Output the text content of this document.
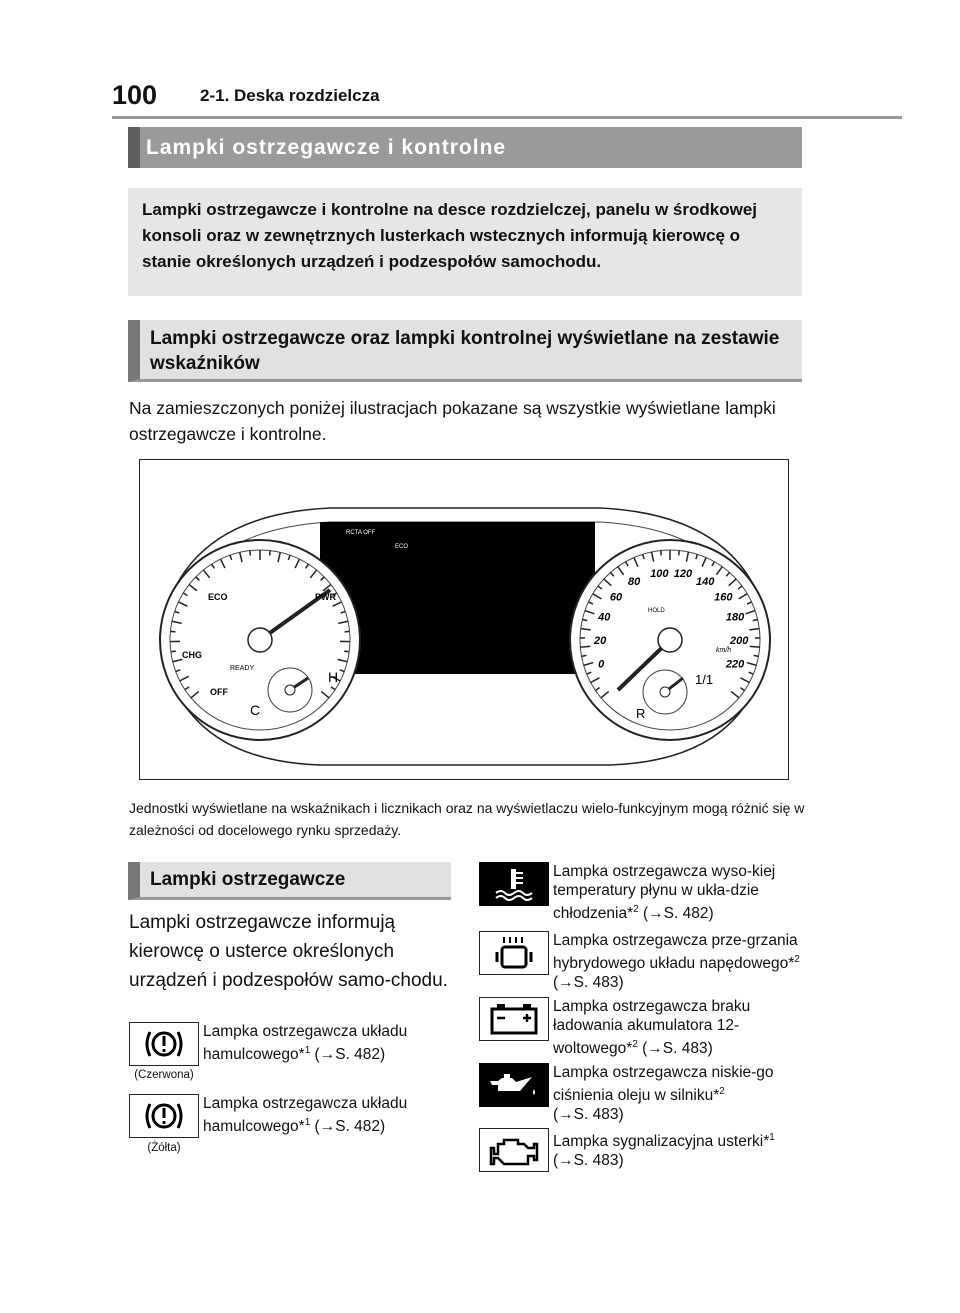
100	2-1. Deska rozdzielcza
Lampki ostrzegawcze i kontrolne
Lampki ostrzegawcze i kontrolne na desce rozdzielczej, panelu w środkowej konsoli oraz w zewnętrznych lusterkach wstecznych informują kierowcę o stanie określonych urządzeń i podzespołów samochodu.
Lampki ostrzegawcze oraz lampki kontrolnej wyświetlane na zestawie wskaźników
Na zamieszczonych poniżej ilustracjach pokazane są wszystkie wyświetlane lampki ostrzegawcze i kontrolne.
RCTA OFF
ECO
ECO	PWR
CHG
READY
OFF
C
H
0
20
40
60
80
100 120
140
160
180
200
220
km/h
HOLD
R
1/1
Jednostki wyświetlane na wskaźnikach i licznikach oraz na wyświetlaczu wielo-funkcyjnym mogą różnić się w zależności od docelowego rynku sprzedaży.
Lampki ostrzegawcze
Lampki ostrzegawcze informują kierowcę o usterce określonych urządzeń i podzespołów samo-chodu.
(Czerwona)
Lampka ostrzegawcza układu hamulcowego*$^1$ (→S. 482)
(Żółta)
Lampka ostrzegawcza układu hamulcowego*$^1$ (→S. 482)
Lampka ostrzegawcza wyso-kiej temperatury płynu w ukła-dzie chłodzenia*$^2$ (→S. 482)
Lampka ostrzegawcza prze-grzania hybrydowego układu napędowego*$^2$ (→S. 483)
Lampka ostrzegawcza braku ładowania akumulatora 12-woltowego*$^2$ (→S. 483)
Lampka ostrzegawcza niskie-go ciśnienia oleju w silniku*$^2$
(→S. 483)
Lampka sygnalizacyjna usterki*$^1$ (→S. 483)
